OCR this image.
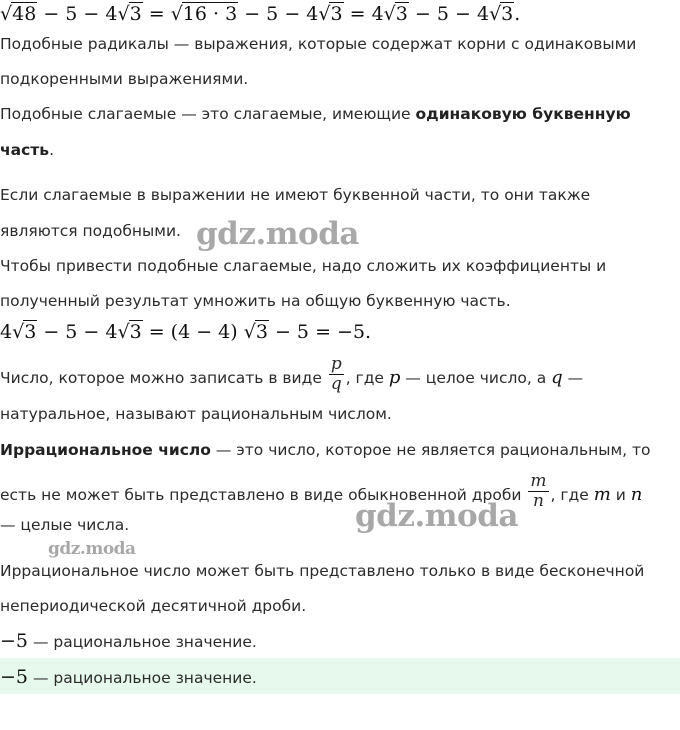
√48 − 5 − 4√3 = √16 · 3 − 5 − 4√3 = 4√3 − 5 − 4√3.
Подобные радикалы — выражения, которые содержат корни с одинаковыми
подкоренными выражениями.
Подобные слагаемые — это слагаемые, имеющие одинаковую буквенную
часть.
Если слагаемые в выражении не имеют буквенной части, то они также
являются подобными.
Чтобы привести подобные слагаемые, надо сложить их коэффициенты и
полученный результат умножить на общую буквенную часть.
4√3 − 5 − 4√3 = (4 − 4) √3 − 5 = −5.
Число, которое можно записать в виде $\frac{p}{q}$ , где p — целое число, а q —
натуральное, называют рациональным числом.
Иррациональное число — это число, которое не является рациональным, то
есть не может быть представлено в виде обыкновенной дроби $\frac{m}{n}$ , где m и n
— целые числа.
Иррациональное число может быть представлено только в виде бесконечной
непериодической десятичной дроби.
−5 — рациональное значение.
−5 — рациональное значение.
gdz.moda
gdz.moda
gdz.moda
